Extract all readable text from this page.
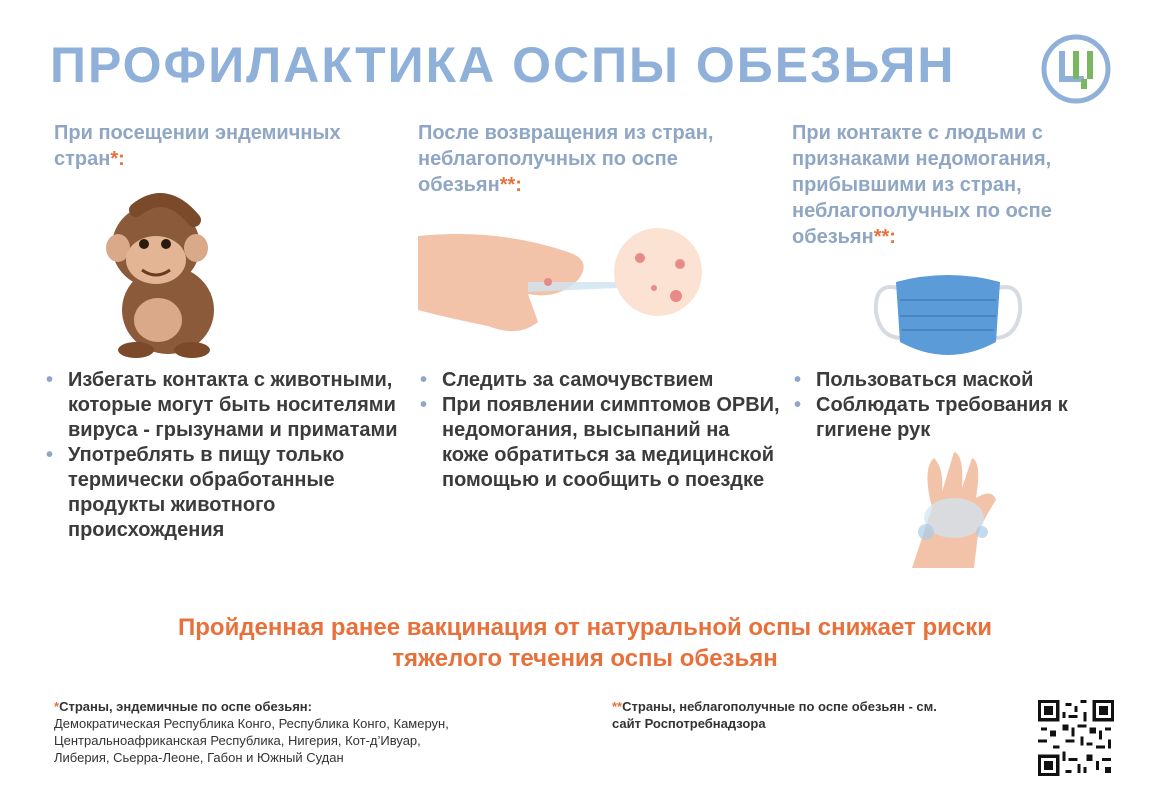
ПРОФИЛАКТИКА ОСПЫ ОБЕЗЬЯН
При посещении эндемичных стран*:
После возвращения из стран, неблагополучных по оспе обезьян**:
При контакте с людьми с признаками недомогания, прибывшими из стран, неблагополучных по оспе обезьян**:
• Избегать контакта с животными, которые могут быть носителями вируса - грызунами и приматами
• Употреблять в пищу только термически обработанные продукты животного происхождения
• Следить за самочувствием
• При появлении симптомов ОРВИ, недомогания, высыпаний на коже обратиться за медицинской помощью и сообщить о поездке
• Пользоваться маской
• Соблюдать требования к гигиене рук
Пройденная ранее вакцинация от натуральной оспы снижает риски
тяжелого течения оспы обезьян
*Страны, эндемичные по оспе обезьян:
Демократическая Республика Конго, Республика Конго, Камерун,
Центральноафриканская Республика, Нигерия, Кот-д’Ивуар,
Либерия, Сьерра-Леоне, Габон и Южный Судан
**Страны, неблагополучные по оспе обезьян - см.
сайт Роспотребнадзора
